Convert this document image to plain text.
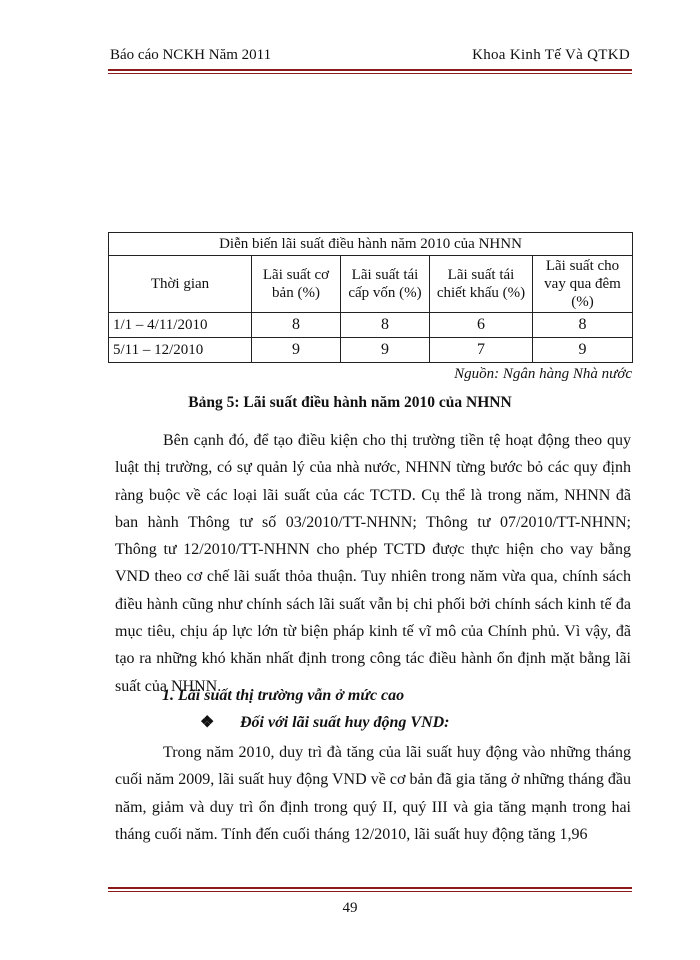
Báo cáo NCKH Năm 2011	Khoa Kinh Tế Và QTKD
Diễn biến lãi suất điều hành năm 2010 của NHNN				
Thời gian	Lãi suất cơ bản (%)	Lãi suất tái cấp vốn (%)	Lãi suất tái chiết khấu (%)	Lãi suất cho vay qua đêm (%)
1/1 – 4/11/2010	8	8	6	8
5/11 – 12/2010	9	9	7	9
Nguồn: Ngân hàng Nhà nước
Bảng 5: Lãi suất điều hành năm 2010 của NHNN

Bên cạnh đó, để tạo điều kiện cho thị trường tiền tệ hoạt động theo quy luật thị trường, có sự quản lý của nhà nước, NHNN từng bước bỏ các quy định ràng buộc về các loại lãi suất của các TCTD. Cụ thể là trong năm, NHNN đã ban hành Thông tư số 03/2010/TT-NHNN; Thông tư 07/2010/TT-NHNN; Thông tư 12/2010/TT-NHNN cho phép TCTD được thực hiện cho vay bằng VND theo cơ chế lãi suất thỏa thuận. Tuy nhiên trong năm vừa qua, chính sách điều hành cũng như chính sách lãi suất vẫn bị chi phối bởi chính sách kinh tế đa mục tiêu, chịu áp lực lớn từ biện pháp kinh tế vĩ mô của Chính phủ. Vì vậy, đã tạo ra những khó khăn nhất định trong công tác điều hành ổn định mặt bằng lãi suất của NHNN.

1. Lãi suất thị trường vẫn ở mức cao
❖ Đối với lãi suất huy động VND:

Trong năm 2010, duy trì đà tăng của lãi suất huy động vào những tháng cuối năm 2009, lãi suất huy động VND về cơ bản đã gia tăng ở những tháng đầu năm, giảm và duy trì ổn định trong quý II, quý III và gia tăng mạnh trong hai tháng cuối năm. Tính đến cuối tháng 12/2010, lãi suất huy động tăng 1,96

49
